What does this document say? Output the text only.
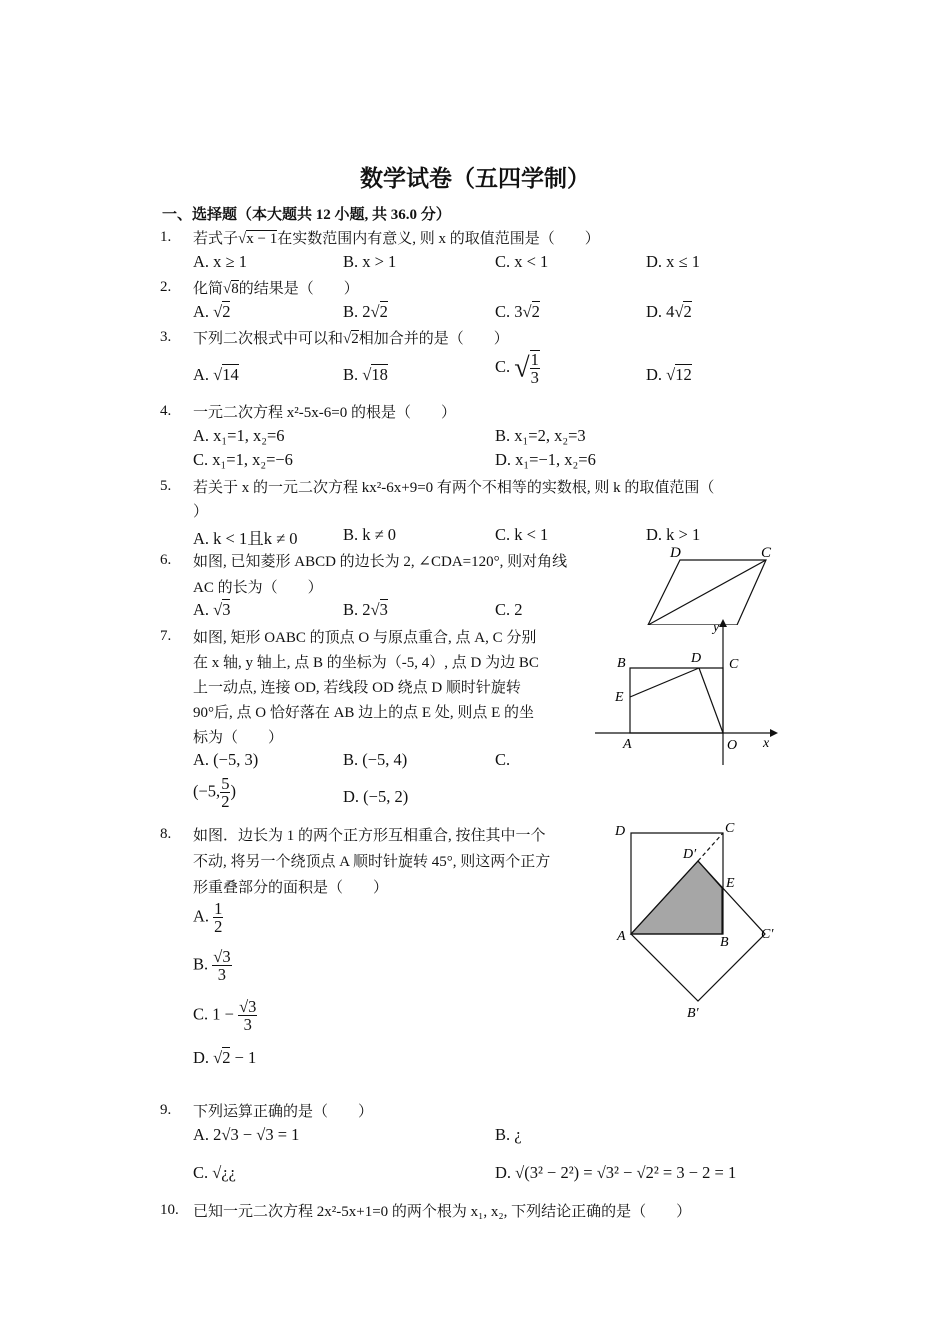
数学试卷（五四学制）
一、选择题（本大题共 12 小题, 共 36.0 分）
1. 若式子√x − 1在实数范围内有意义, 则 x 的取值范围是（　　）
A. x ≥ 1	B. x > 1	C. x < 1	D. x ≤ 1
2. 化简√8的结果是（　　）
A. √2	B. 2√2	C. 3√2	D. 4√2
3. 下列二次根式中可以和√2相加合并的是（　　）
A. √14	B. √18	C. √ $\frac{1}{3}$	D. √12
4. 一元二次方程 x²-5x-6=0 的根是（　　）
A. x₁=1, x₂=6	B. x₁=2, x₂=3
C. x₁=1, x₂=−6	D. x₁=−1, x₂=6
5. 若关于 x 的一元二次方程 kx²-6x+9=0 有两个不相等的实数根, 则 k 的取值范围（
）
A. k < 1且k ≠ 0	B. k ≠ 0	C. k < 1	D. k > 1
6. 如图, 已知菱形 ABCD 的边长为 2, ∠CDA=120°, 则对角线
AC 的长为（　　）
A. √3	B. 2√3	C. 2
D	C
7. 如图, 矩形 OABC 的顶点 O 与原点重合, 点 A, C 分别
在 x 轴, y 轴上, 点 B 的坐标为（-5, 4）, 点 D 为边 BC
上一动点, 连接 OD, 若线段 OD 绕点 D 顺时针旋转
90°后, 点 O 恰好落在 AB 边上的点 E 处, 则点 E 的坐
标为（　　）
A. (−5, 3)	B. (−5, 4)	C.
(−5, $\frac{5}{2}$ )	D. (−5, 2)
y
x
B	D C
E
A	O
8. 如图．边长为 1 的两个正方形互相重合, 按住其中一个
不动, 将另一个绕顶点 A 顺时针旋转 45°, 则这两个正方
形重叠部分的面积是（　　）
A. $\frac{1}{2}$
B. $\frac{√3}{3}$
C. $1 - \frac{√3}{3}$
D. √2 − 1
D	C
D′
E
A	B
C′
B′
9. 下列运算正确的是（　　）
A. 2√3 − √3 = 1	B. ¿
C. √¿¿	D. √(3² − 2²) = √3² − √2² = 3 − 2 = 1
10. 已知一元二次方程 2x²-5x+1=0 的两个根为 x₁, x₂, 下列结论正确的是（　　）
